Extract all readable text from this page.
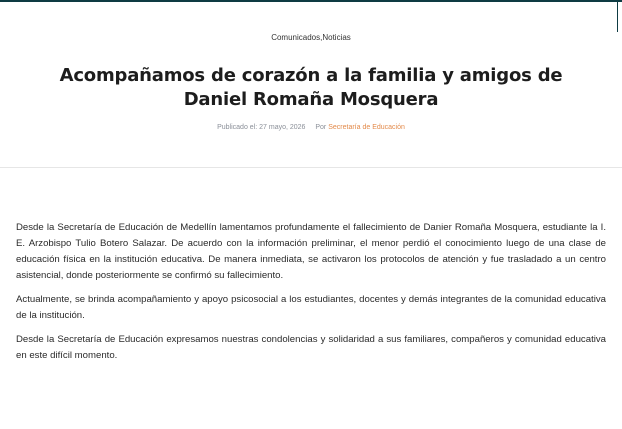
Comunicados,Noticias
Acompañamos de corazón a la familia y amigos de Daniel Romaña Mosquera
Publicado el: 27 mayo, 2026 Por Secretaría de Educación

Desde la Secretaría de Educación de Medellín lamentamos profundamente el fallecimiento de Danier Romaña Mosquera, estudiante la I. E. Arzobispo Tulio Botero Salazar. De acuerdo con la información preliminar, el menor perdió el conocimiento luego de una clase de educación física en la institución educativa. De manera inmediata, se activaron los protocolos de atención y fue trasladado a un centro asistencial, donde posteriormente se confirmó su fallecimiento.

Actualmente, se brinda acompañamiento y apoyo psicosocial a los estudiantes, docentes y demás integrantes de la comunidad educativa de la institución.

Desde la Secretaría de Educación expresamos nuestras condolencias y solidaridad a sus familiares, compañeros y comunidad educativa en este difícil momento.
